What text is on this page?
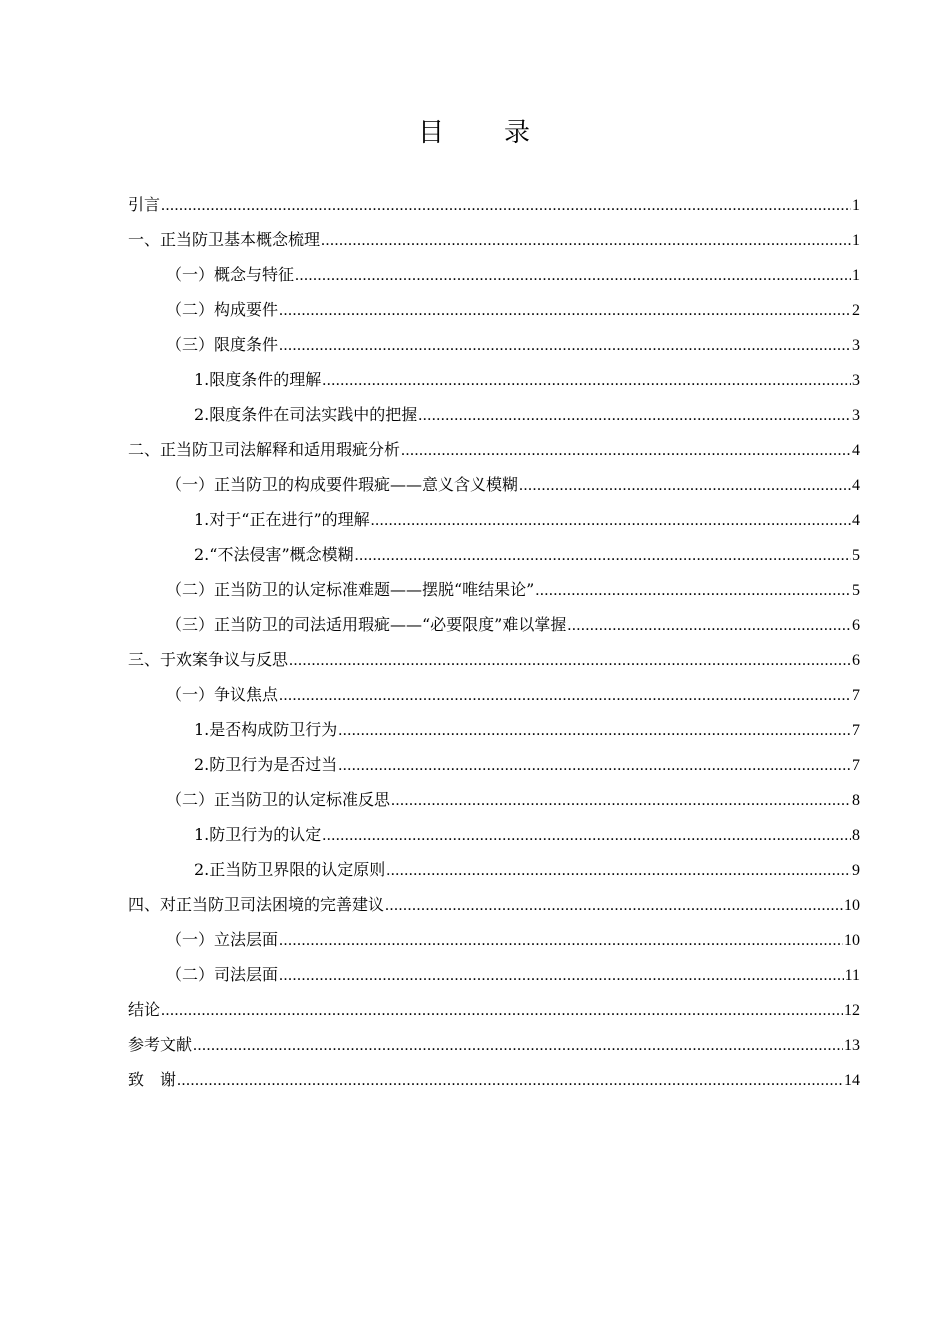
目 录
引言 .....	1
一、正当防卫基本概念梳理 .....	1
（一）概念与特征 .....	1
（二）构成要件 .....	2
（三）限度条件 .....	3
1.限度条件的理解 .....	3
2.限度条件在司法实践中的把握 .....	3
二、正当防卫司法解释和适用瑕疵分析 .....	4
（一）正当防卫的构成要件瑕疵——意义含义模糊 .....	4
1.对于“正在进行”的理解 .....	4
2.“不法侵害”概念模糊 .....	5
（二）正当防卫的认定标准难题——摆脱“唯结果论” .....	5
（三）正当防卫的司法适用瑕疵——“必要限度”难以掌握 .....	6
三、于欢案争议与反思 .....	6
（一）争议焦点 .....	7
1.是否构成防卫行为 .....	7
2.防卫行为是否过当 .....	7
（二）正当防卫的认定标准反思 .....	8
1.防卫行为的认定 .....	8
2.正当防卫界限的认定原则 .....	9
四、对正当防卫司法困境的完善建议 .....	10
（一）立法层面 .....	10
（二）司法层面 .....	11
结论 .....	12
参考文献 .....	13
致　谢 .....	14
